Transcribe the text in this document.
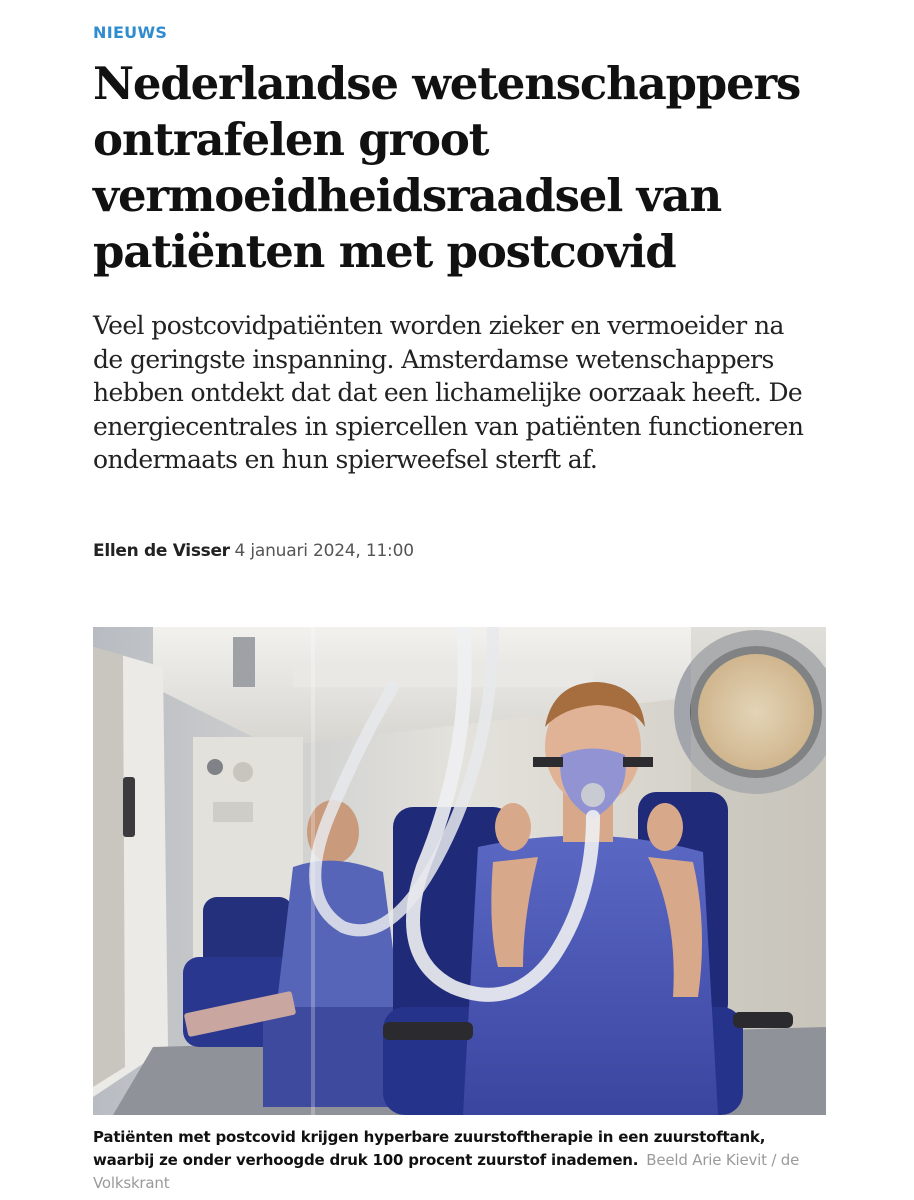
NIEUWS
Nederlandse wetenschappers ontrafelen groot vermoeidheidsraadsel van patiënten met postcovid

Veel postcovidpatiënten worden zieker en vermoeider na de geringste inspanning. Amsterdamse wetenschappers hebben ontdekt dat dat een lichamelijke oorzaak heeft. De energiecentrales in spiercellen van patiënten functioneren ondermaats en hun spierweefsel sterft af.

Ellen de Visser 4 januari 2024, 11:00
Patiënten met postcovid krijgen hyperbare zuurstoftherapie in een zuurstoftank, waarbij ze onder verhoogde druk 100 procent zuurstof inademen. Beeld Arie Kievit / de Volkskrant
